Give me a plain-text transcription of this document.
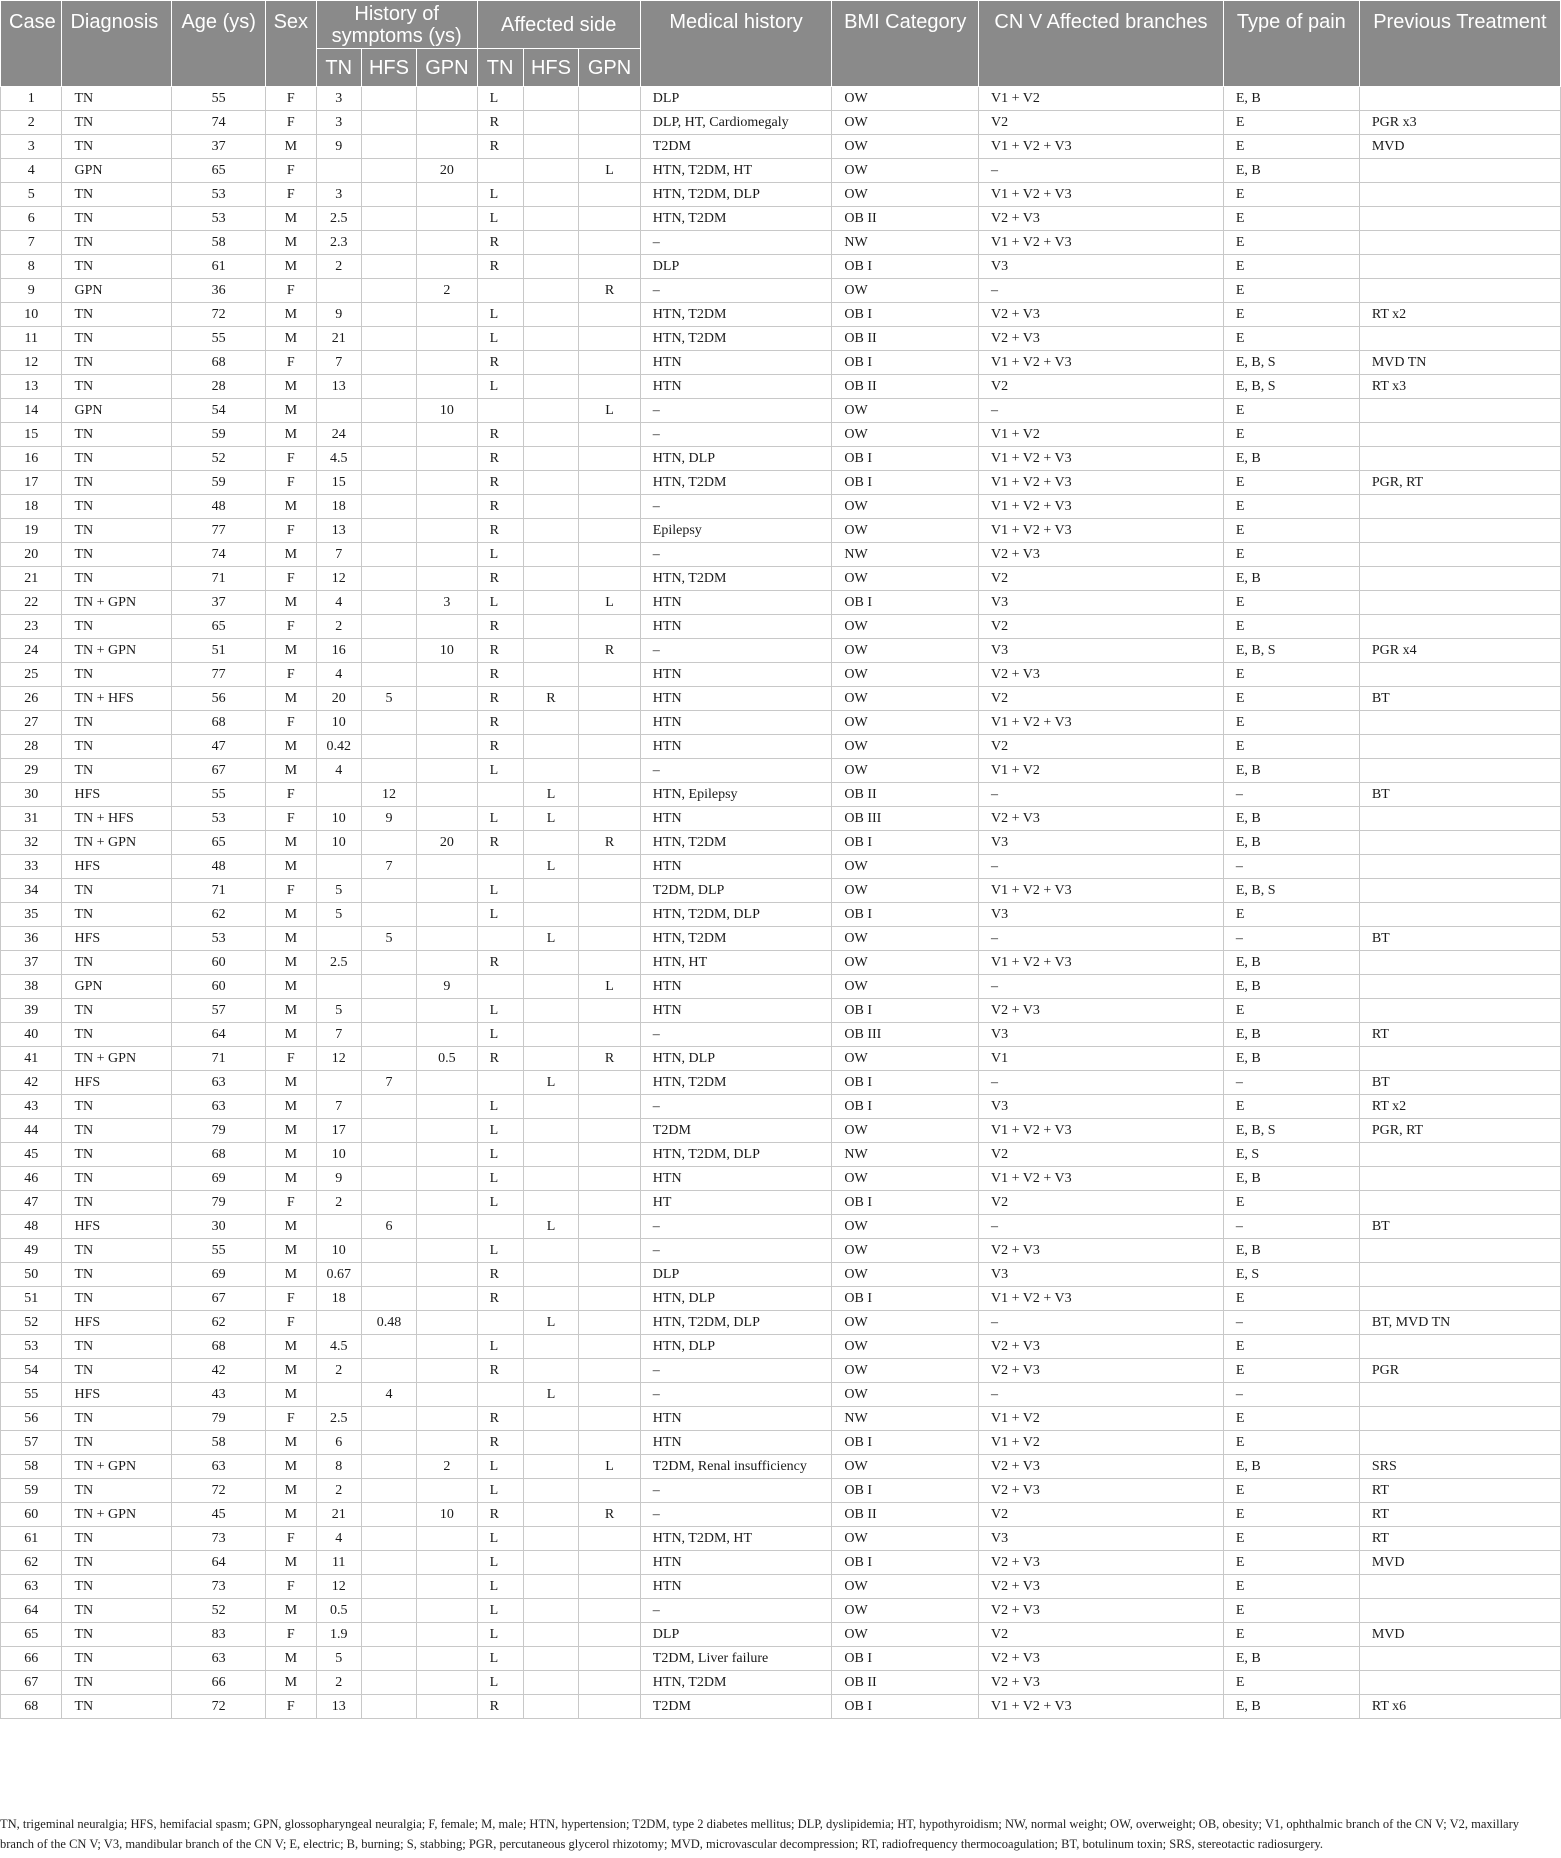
Case	Diagnosis	Age (ys)	Sex	History of symptoms (ys)			Affected side			Medical history	BMI Category	CN V Affected branches	Type of pain	Previous Treatment
				TN	HFS	GPN	TN	HFS	GPN					
1	TN	55	F	3			L			DLP	OW	V1 + V2	E, B	
2	TN	74	F	3			R			DLP, HT, Cardiomegaly	OW	V2	E	PGR x3
3	TN	37	M	9			R			T2DM	OW	V1 + V2 + V3	E	MVD
4	GPN	65	F			20			L	HTN, T2DM, HT	OW	–	E, B	
5	TN	53	F	3			L			HTN, T2DM, DLP	OW	V1 + V2 + V3	E	
6	TN	53	M	2.5			L			HTN, T2DM	OB II	V2 + V3	E	
7	TN	58	M	2.3			R			–	NW	V1 + V2 + V3	E	
8	TN	61	M	2			R			DLP	OB I	V3	E	
9	GPN	36	F			2			R	–	OW	–	E	
10	TN	72	M	9			L			HTN, T2DM	OB I	V2 + V3	E	RT x2
11	TN	55	M	21			L			HTN, T2DM	OB II	V2 + V3	E	
12	TN	68	F	7			R			HTN	OB I	V1 + V2 + V3	E, B, S	MVD TN
13	TN	28	M	13			L			HTN	OB II	V2	E, B, S	RT x3
14	GPN	54	M			10			L	–	OW	–	E	
15	TN	59	M	24			R			–	OW	V1 + V2	E	
16	TN	52	F	4.5			R			HTN, DLP	OB I	V1 + V2 + V3	E, B	
17	TN	59	F	15			R			HTN, T2DM	OB I	V1 + V2 + V3	E	PGR, RT
18	TN	48	M	18			R			–	OW	V1 + V2 + V3	E	
19	TN	77	F	13			R			Epilepsy	OW	V1 + V2 + V3	E	
20	TN	74	M	7			L			–	NW	V2 + V3	E	
21	TN	71	F	12			R			HTN, T2DM	OW	V2	E, B	
22	TN + GPN	37	M	4		3	L		L	HTN	OB I	V3	E	
23	TN	65	F	2			R			HTN	OW	V2	E	
24	TN + GPN	51	M	16		10	R		R	–	OW	V3	E, B, S	PGR x4
25	TN	77	F	4			R			HTN	OW	V2 + V3	E	
26	TN + HFS	56	M	20	5		R	R		HTN	OW	V2	E	BT
27	TN	68	F	10			R			HTN	OW	V1 + V2 + V3	E	
28	TN	47	M	0.42			R			HTN	OW	V2	E	
29	TN	67	M	4			L			–	OW	V1 + V2	E, B	
30	HFS	55	F		12			L		HTN, Epilepsy	OB II	–	–	BT
31	TN + HFS	53	F	10	9		L	L		HTN	OB III	V2 + V3	E, B	
32	TN + GPN	65	M	10		20	R		R	HTN, T2DM	OB I	V3	E, B	
33	HFS	48	M		7			L		HTN	OW	–	–	
34	TN	71	F	5			L			T2DM, DLP	OW	V1 + V2 + V3	E, B, S	
35	TN	62	M	5			L			HTN, T2DM, DLP	OB I	V3	E	
36	HFS	53	M		5			L		HTN, T2DM	OW	–	–	BT
37	TN	60	M	2.5			R			HTN, HT	OW	V1 + V2 + V3	E, B	
38	GPN	60	M			9			L	HTN	OW	–	E, B	
39	TN	57	M	5			L			HTN	OB I	V2 + V3	E	
40	TN	64	M	7			L			–	OB III	V3	E, B	RT
41	TN + GPN	71	F	12		0.5	R		R	HTN, DLP	OW	V1	E, B	
42	HFS	63	M		7			L		HTN, T2DM	OB I	–	–	BT
43	TN	63	M	7			L			–	OB I	V3	E	RT x2
44	TN	79	M	17			L			T2DM	OW	V1 + V2 + V3	E, B, S	PGR, RT
45	TN	68	M	10			L			HTN, T2DM, DLP	NW	V2	E, S	
46	TN	69	M	9			L			HTN	OW	V1 + V2 + V3	E, B	
47	TN	79	F	2			L			HT	OB I	V2	E	
48	HFS	30	M		6			L		–	OW	–	–	BT
49	TN	55	M	10			L			–	OW	V2 + V3	E, B	
50	TN	69	M	0.67			R			DLP	OW	V3	E, S	
51	TN	67	F	18			R			HTN, DLP	OB I	V1 + V2 + V3	E	
52	HFS	62	F		0.48			L		HTN, T2DM, DLP	OW	–	–	BT, MVD TN
53	TN	68	M	4.5			L			HTN, DLP	OW	V2 + V3	E	
54	TN	42	M	2			R			–	OW	V2 + V3	E	PGR
55	HFS	43	M		4			L		–	OW	–	–	
56	TN	79	F	2.5			R			HTN	NW	V1 + V2	E	
57	TN	58	M	6			R			HTN	OB I	V1 + V2	E	
58	TN + GPN	63	M	8		2	L		L	T2DM, Renal insufficiency	OW	V2 + V3	E, B	SRS
59	TN	72	M	2			L			–	OB I	V2 + V3	E	RT
60	TN + GPN	45	M	21		10	R		R	–	OB II	V2	E	RT
61	TN	73	F	4			L			HTN, T2DM, HT	OW	V3	E	RT
62	TN	64	M	11			L			HTN	OB I	V2 + V3	E	MVD
63	TN	73	F	12			L			HTN	OW	V2 + V3	E	
64	TN	52	M	0.5			L			–	OW	V2 + V3	E	
65	TN	83	F	1.9			L			DLP	OW	V2	E	MVD
66	TN	63	M	5			L			T2DM, Liver failure	OB I	V2 + V3	E, B	
67	TN	66	M	2			L			HTN, T2DM	OB II	V2 + V3	E	
68	TN	72	F	13			R			T2DM	OB I	V1 + V2 + V3	E, B	RT x6

TN, trigeminal neuralgia; HFS, hemifacial spasm; GPN, glossopharyngeal neuralgia; F, female; M, male; HTN, hypertension; T2DM, type 2 diabetes mellitus; DLP, dyslipidemia; HT, hypothyroidism; NW, normal weight; OW, overweight; OB, obesity; V1, ophthalmic branch of the CN V; V2, maxillary branch of the CN V; V3, mandibular branch of the CN V; E, electric; B, burning; S, stabbing; PGR, percutaneous glycerol rhizotomy; MVD, microvascular decompression; RT, radiofrequency thermocoagulation; BT, botulinum toxin; SRS, stereotactic radiosurgery.
